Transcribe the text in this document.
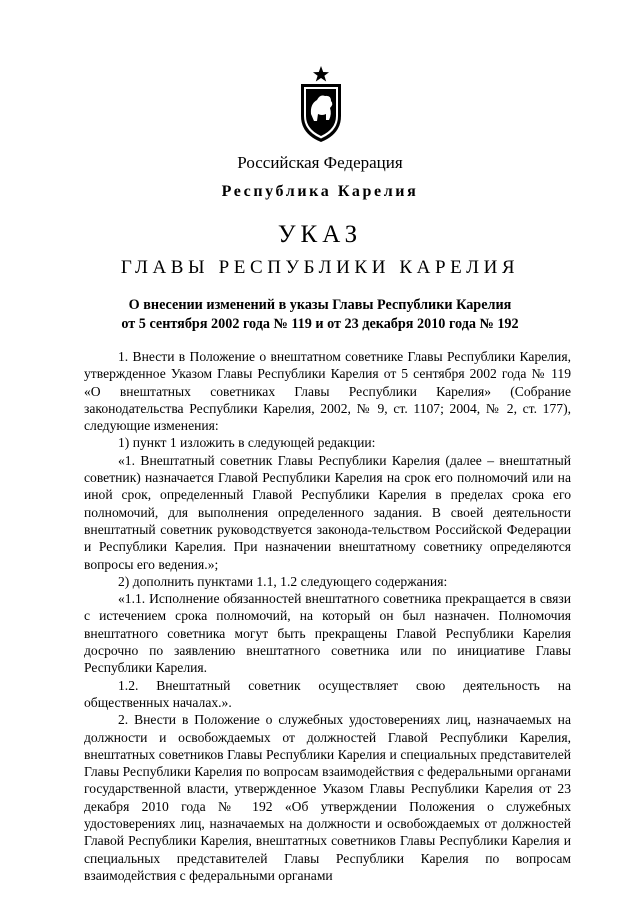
Российская Федерация
Республика Карелия
УКАЗ
ГЛАВЫ РЕСПУБЛИКИ КАРЕЛИЯ
О внесении изменений в указы Главы Республики Карелия
от 5 сентября 2002 года № 119 и от 23 декабря 2010 года № 192

1. Внести в Положение о внештатном советнике Главы Республики Карелия, утвержденное Указом Главы Республики Карелия от 5 сентября 2002 года № 119 «О внештатных советниках Главы Республики Карелия» (Собрание законодательства Республики Карелия, 2002, № 9, ст. 1107; 2004, № 2, ст. 177), следующие изменения:

1) пункт 1 изложить в следующей редакции:

«1. Внештатный советник Главы Республики Карелия (далее – внештатный советник) назначается Главой Республики Карелия на срок его полномочий или на иной срок, определенный Главой Республики Карелия в пределах срока его полномочий, для выполнения определенного задания. В своей деятельности внештатный советник руководствуется законода-тельством Российской Федерации и Республики Карелия. При назначении внештатному советнику определяются вопросы его ведения.»;

2) дополнить пунктами 1.1, 1.2 следующего содержания:

«1.1. Исполнение обязанностей внештатного советника прекращается в связи с истечением срока полномочий, на который он был назначен. Полномочия внештатного советника могут быть прекращены Главой Республики Карелия досрочно по заявлению внештатного советника или по инициативе Главы Республики Карелия.

1.2. Внештатный советник осуществляет свою деятельность на общественных началах.».

2. Внести в Положение о служебных удостоверениях лиц, назначаемых на должности и освобождаемых от должностей Главой Республики Карелия, внештатных советников Главы Республики Карелия и специальных представителей Главы Республики Карелия по вопросам взаимодействия с федеральными органами государственной власти, утвержденное Указом Главы Республики Карелия от 23 декабря 2010 года № 192 «Об утверждении Положения о служебных удостоверениях лиц, назначаемых на должности и освобождаемых от должностей Главой Республики Карелия, внештатных советников Главы Республики Карелия и специальных представителей Главы Республики Карелия по вопросам взаимодействия с федеральными органами
